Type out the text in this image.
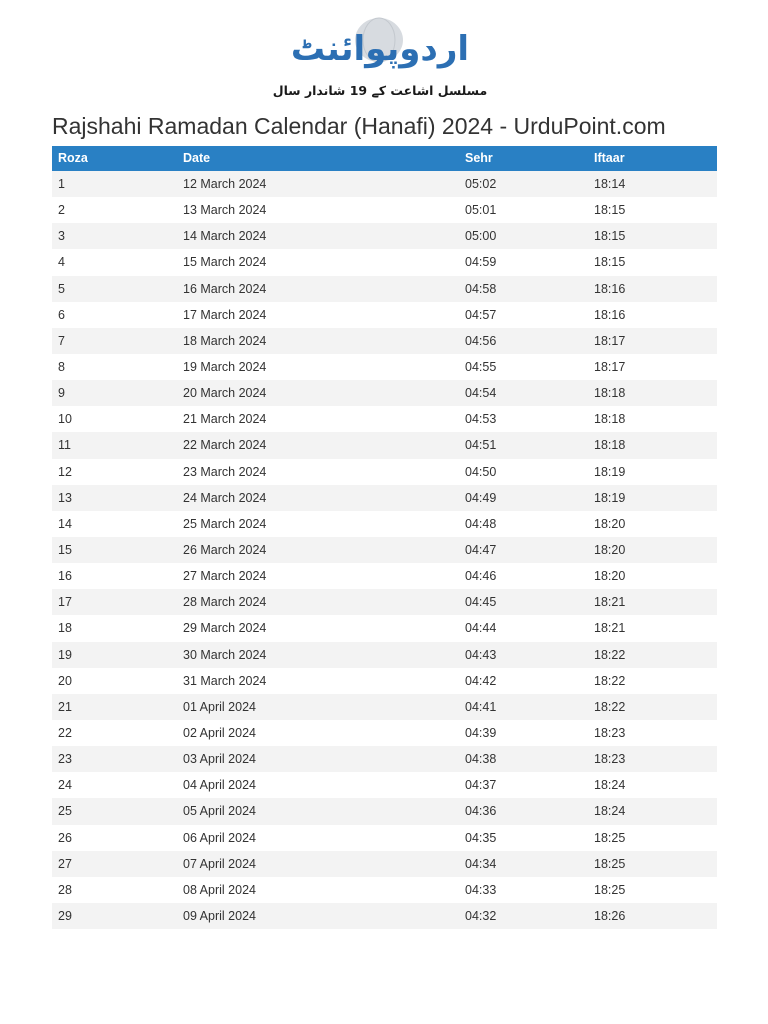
اردوپوائنٹ
مسلسل اشاعت کے 19 شاندار سال
Rajshahi Ramadan Calendar (Hanafi) 2024 - UrduPoint.com
Roza	Date	Sehr	Iftaar
1	12 March 2024	05:02	18:14
2	13 March 2024	05:01	18:15
3	14 March 2024	05:00	18:15
4	15 March 2024	04:59	18:15
5	16 March 2024	04:58	18:16
6	17 March 2024	04:57	18:16
7	18 March 2024	04:56	18:17
8	19 March 2024	04:55	18:17
9	20 March 2024	04:54	18:18
10	21 March 2024	04:53	18:18
11	22 March 2024	04:51	18:18
12	23 March 2024	04:50	18:19
13	24 March 2024	04:49	18:19
14	25 March 2024	04:48	18:20
15	26 March 2024	04:47	18:20
16	27 March 2024	04:46	18:20
17	28 March 2024	04:45	18:21
18	29 March 2024	04:44	18:21
19	30 March 2024	04:43	18:22
20	31 March 2024	04:42	18:22
21	01 April 2024	04:41	18:22
22	02 April 2024	04:39	18:23
23	03 April 2024	04:38	18:23
24	04 April 2024	04:37	18:24
25	05 April 2024	04:36	18:24
26	06 April 2024	04:35	18:25
27	07 April 2024	04:34	18:25
28	08 April 2024	04:33	18:25
29	09 April 2024	04:32	18:26
